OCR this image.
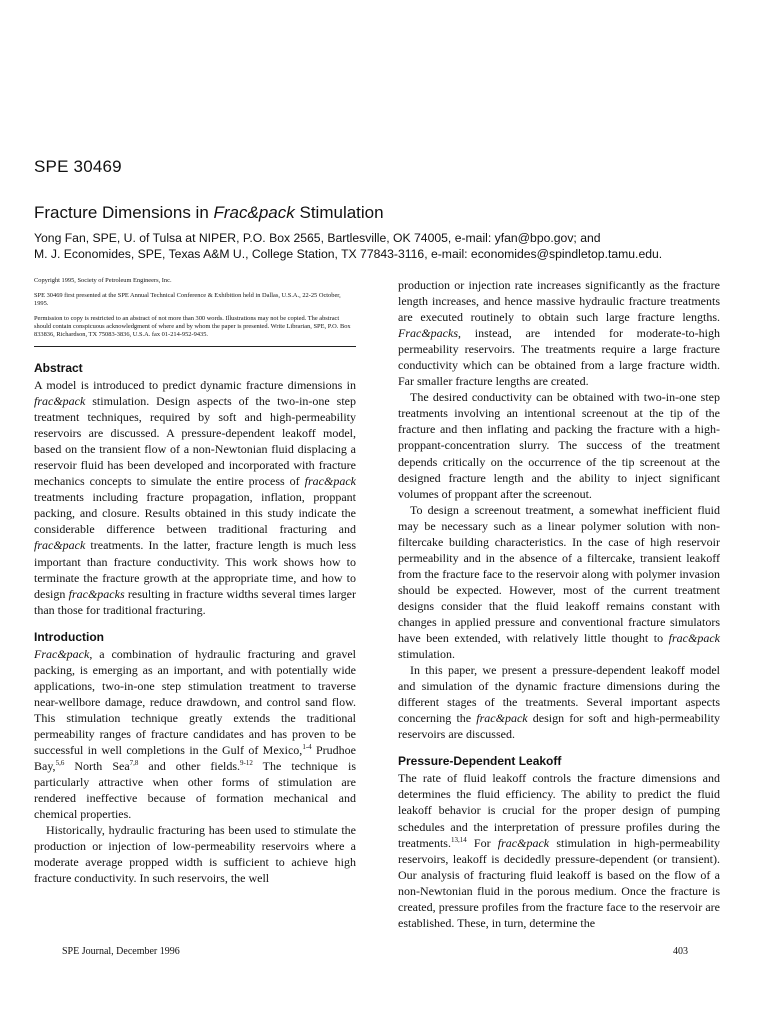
SPE 30469
Fracture Dimensions in Frac&pack Stimulation
Yong Fan, SPE, U. of Tulsa at NIPER, P.O. Box 2565, Bartlesville, OK 74005, e-mail: yfan@bpo.gov; and
M. J. Economides, SPE, Texas A&M U., College Station, TX 77843-3116, e-mail: economides@spindletop.tamu.edu.

Copyright 1995, Society of Petroleum Engineers, Inc.

SPE 30469 first presented at the SPE Annual Technical Conference & Exhibition held in Dallas, U.S.A., 22-25 October, 1995.

Permission to copy is restricted to an abstract of not more than 300 words. Illustrations may not be copied. The abstract should contain conspicuous acknowledgment of where and by whom the paper is presented. Write Librarian, SPE, P.O. Box 833836, Richardson, TX 75083-3836, U.S.A. fax 01-214-952-9435.

Abstract

A model is introduced to predict dynamic fracture dimensions in frac&pack stimulation. Design aspects of the two-in-one step treatment techniques, required by soft and high-permeability reservoirs are discussed. A pressure-dependent leakoff model, based on the transient flow of a non-Newtonian fluid displacing a reservoir fluid has been developed and incorporated with fracture mechanics concepts to simulate the entire process of frac&pack treatments including fracture propagation, inflation, proppant packing, and closure. Results obtained in this study indicate the considerable difference between traditional fracturing and frac&pack treatments. In the latter, fracture length is much less important than fracture conductivity. This work shows how to terminate the fracture growth at the appropriate time, and how to design frac&packs resulting in fracture widths several times larger than those for traditional fracturing.

Introduction

Frac&pack, a combination of hydraulic fracturing and gravel packing, is emerging as an important, and with potentially wide applications, two-in-one step stimulation treatment to traverse near-wellbore damage, reduce drawdown, and control sand flow. This stimulation technique greatly extends the traditional permeability ranges of fracture candidates and has proven to be successful in well completions in the Gulf of Mexico,$^{1-4}$ Prudhoe Bay,$^{5,6}$ North Sea$^{7,8}$ and other fields.$^{9-12}$ The technique is particularly attractive when other forms of stimulation are rendered ineffective because of formation mechanical and chemical properties.

Historically, hydraulic fracturing has been used to stimulate the production or injection of low-permeability reservoirs where a moderate average propped width is sufficient to achieve high fracture conductivity. In such reservoirs, the well

production or injection rate increases significantly as the fracture length increases, and hence massive hydraulic fracture treatments are executed routinely to obtain such large fracture lengths. Frac&packs, instead, are intended for moderate-to-high permeability reservoirs. The treatments require a large fracture conductivity which can be obtained from a large fracture width. Far smaller fracture lengths are created.

The desired conductivity can be obtained with two-in-one step treatments involving an intentional screenout at the tip of the fracture and then inflating and packing the fracture with a high-proppant-concentration slurry. The success of the treatment depends critically on the occurrence of the tip screenout at the designed fracture length and the ability to inject significant volumes of proppant after the screenout.

To design a screenout treatment, a somewhat inefficient fluid may be necessary such as a linear polymer solution with non-filtercake building characteristics. In the case of high reservoir permeability and in the absence of a filtercake, transient leakoff from the fracture face to the reservoir along with polymer invasion should be expected. However, most of the current treatment designs consider that the fluid leakoff remains constant with changes in applied pressure and conventional fracture simulators have been extended, with relatively little thought to frac&pack stimulation.

In this paper, we present a pressure-dependent leakoff model and simulation of the dynamic fracture dimensions during the different stages of the treatments. Several important aspects concerning the frac&pack design for soft and high-permeability reservoirs are discussed.

Pressure-Dependent Leakoff

The rate of fluid leakoff controls the fracture dimensions and determines the fluid efficiency. The ability to predict the fluid leakoff behavior is crucial for the proper design of pumping schedules and the interpretation of pressure profiles during the treatments.$^{13,14}$ For frac&pack stimulation in high-permeability reservoirs, leakoff is decidedly pressure-dependent (or transient). Our analysis of fracturing fluid leakoff is based on the flow of a non-Newtonian fluid in the porous medium. Once the fracture is created, pressure profiles from the fracture face to the reservoir are established. These, in turn, determine the

SPE Journal, December 1996	403
